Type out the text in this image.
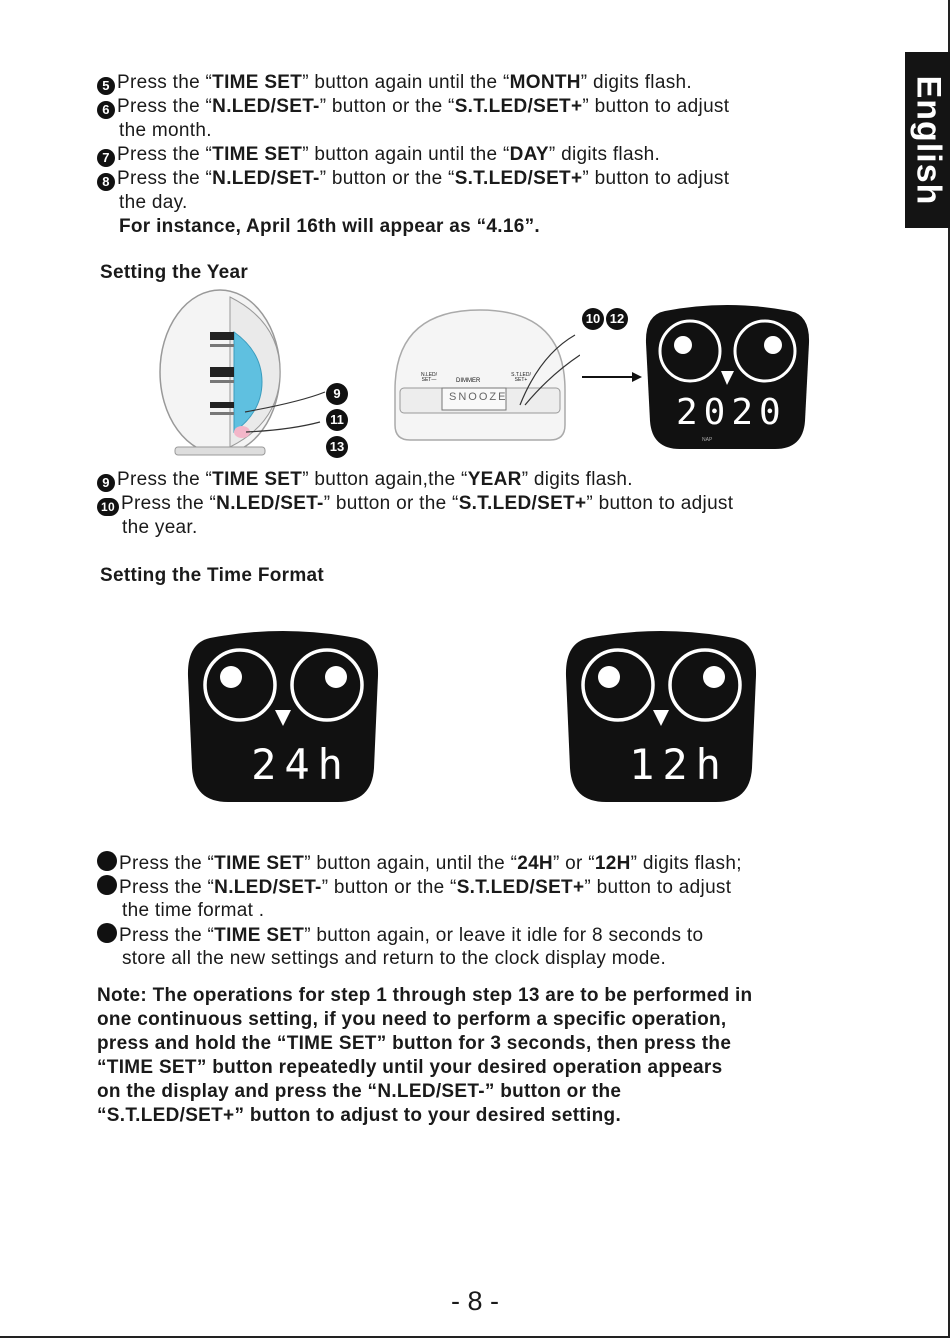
English
5 Press the “TIME SET” button again until the “MONTH” digits flash.
6 Press the “N.LED/SET-” button or the “S.T.LED/SET+” button to adjust
the month.
7 Press the “TIME SET” button again until the “DAY” digits flash.
8 Press the “N.LED/SET-” button or the “S.T.LED/SET+” button to adjust
the day.
For instance, April 16th will appear as “4.16”.
Setting the Year
9
11
13
N.LED/ SET—	DIMMER
S.T.LED/ SET+
SNOOZE
10 12
2020
NAP
9 Press the “TIME SET” button again,the “YEAR” digits flash.
10 Press the “N.LED/SET-” button or the “S.T.LED/SET+” button to adjust
the year.
Setting the Time Format
24h	12h
Press the “TIME SET” button again, until the “24H” or “12H” digits flash;
Press the “N.LED/SET-” button or the “S.T.LED/SET+” button to adjust
the time format .
Press the “TIME SET” button again, or leave it idle for 8 seconds to
store all the new settings and return to the clock display mode.
Note: The operations for step 1 through step 13 are to be performed in
one continuous setting, if you need to perform a specific operation,
press and hold the “TIME SET” button for 3 seconds, then press the
“TIME SET” button repeatedly until your desired operation appears
on the display and press the “N.LED/SET-” button or the
“S.T.LED/SET+” button to adjust to your desired setting.
- 8 -
